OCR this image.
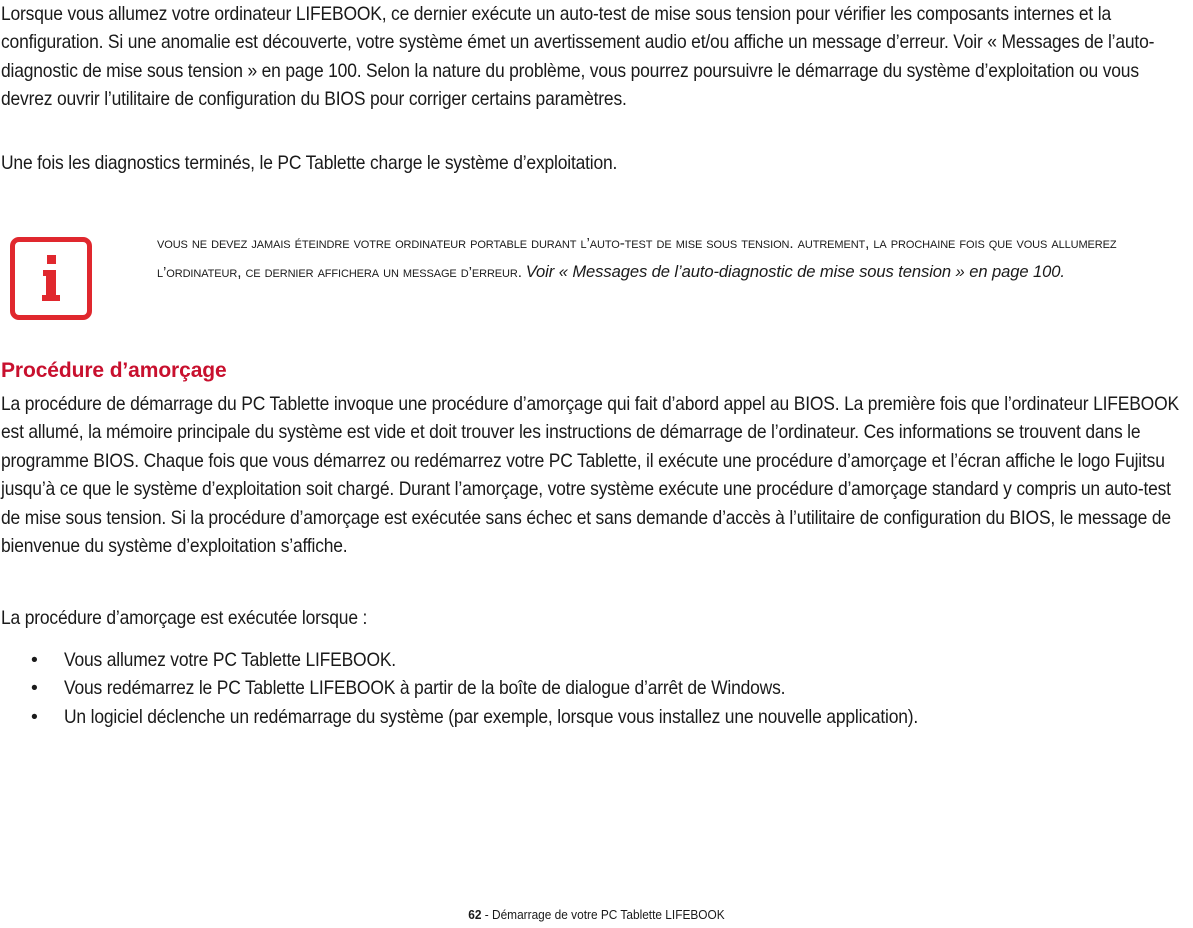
Lorsque vous allumez votre ordinateur LIFEBOOK, ce dernier exécute un auto-test de mise sous tension pour vérifier les composants internes et la configuration. Si une anomalie est découverte, votre système émet un avertissement audio et/ou affiche un message d’erreur. Voir « Messages de l’auto-diagnostic de mise sous tension » en page 100. Selon la nature du problème, vous pourrez poursuivre le démarrage du système d’exploitation ou vous devrez ouvrir l’utilitaire de configuration du BIOS pour corriger certains paramètres.

Une fois les diagnostics terminés, le PC Tablette charge le système d’exploitation.

vous ne devez jamais éteindre votre ordinateur portable durant l’auto-test de mise sous tension. autrement, la prochaine fois que vous allumerez l’ordinateur, ce dernier affichera un message d’erreur. Voir « Messages de l’auto-diagnostic de mise sous tension » en page 100.
Procédure d’amorçage

La procédure de démarrage du PC Tablette invoque une procédure d’amorçage qui fait d’abord appel au BIOS. La première fois que l’ordinateur LIFEBOOK est allumé, la mémoire principale du système est vide et doit trouver les instructions de démarrage de l’ordinateur. Ces informations se trouvent dans le programme BIOS. Chaque fois que vous démarrez ou redémarrez votre PC Tablette, il exécute une procédure d’amorçage et l’écran affiche le logo Fujitsu jusqu’à ce que le système d’exploitation soit chargé. Durant l’amorçage, votre système exécute une procédure d’amorçage standard y compris un auto-test de mise sous tension. Si la procédure d’amorçage est exécutée sans échec et sans demande d’accès à l’utilitaire de configuration du BIOS, le message de bienvenue du système d’exploitation s’affiche.

La procédure d’amorçage est exécutée lorsque :

• Vous allumez votre PC Tablette LIFEBOOK.
• Vous redémarrez le PC Tablette LIFEBOOK à partir de la boîte de dialogue d’arrêt de Windows.
• Un logiciel déclenche un redémarrage du système (par exemple, lorsque vous installez une nouvelle application).
62 - Démarrage de votre PC Tablette LIFEBOOK
